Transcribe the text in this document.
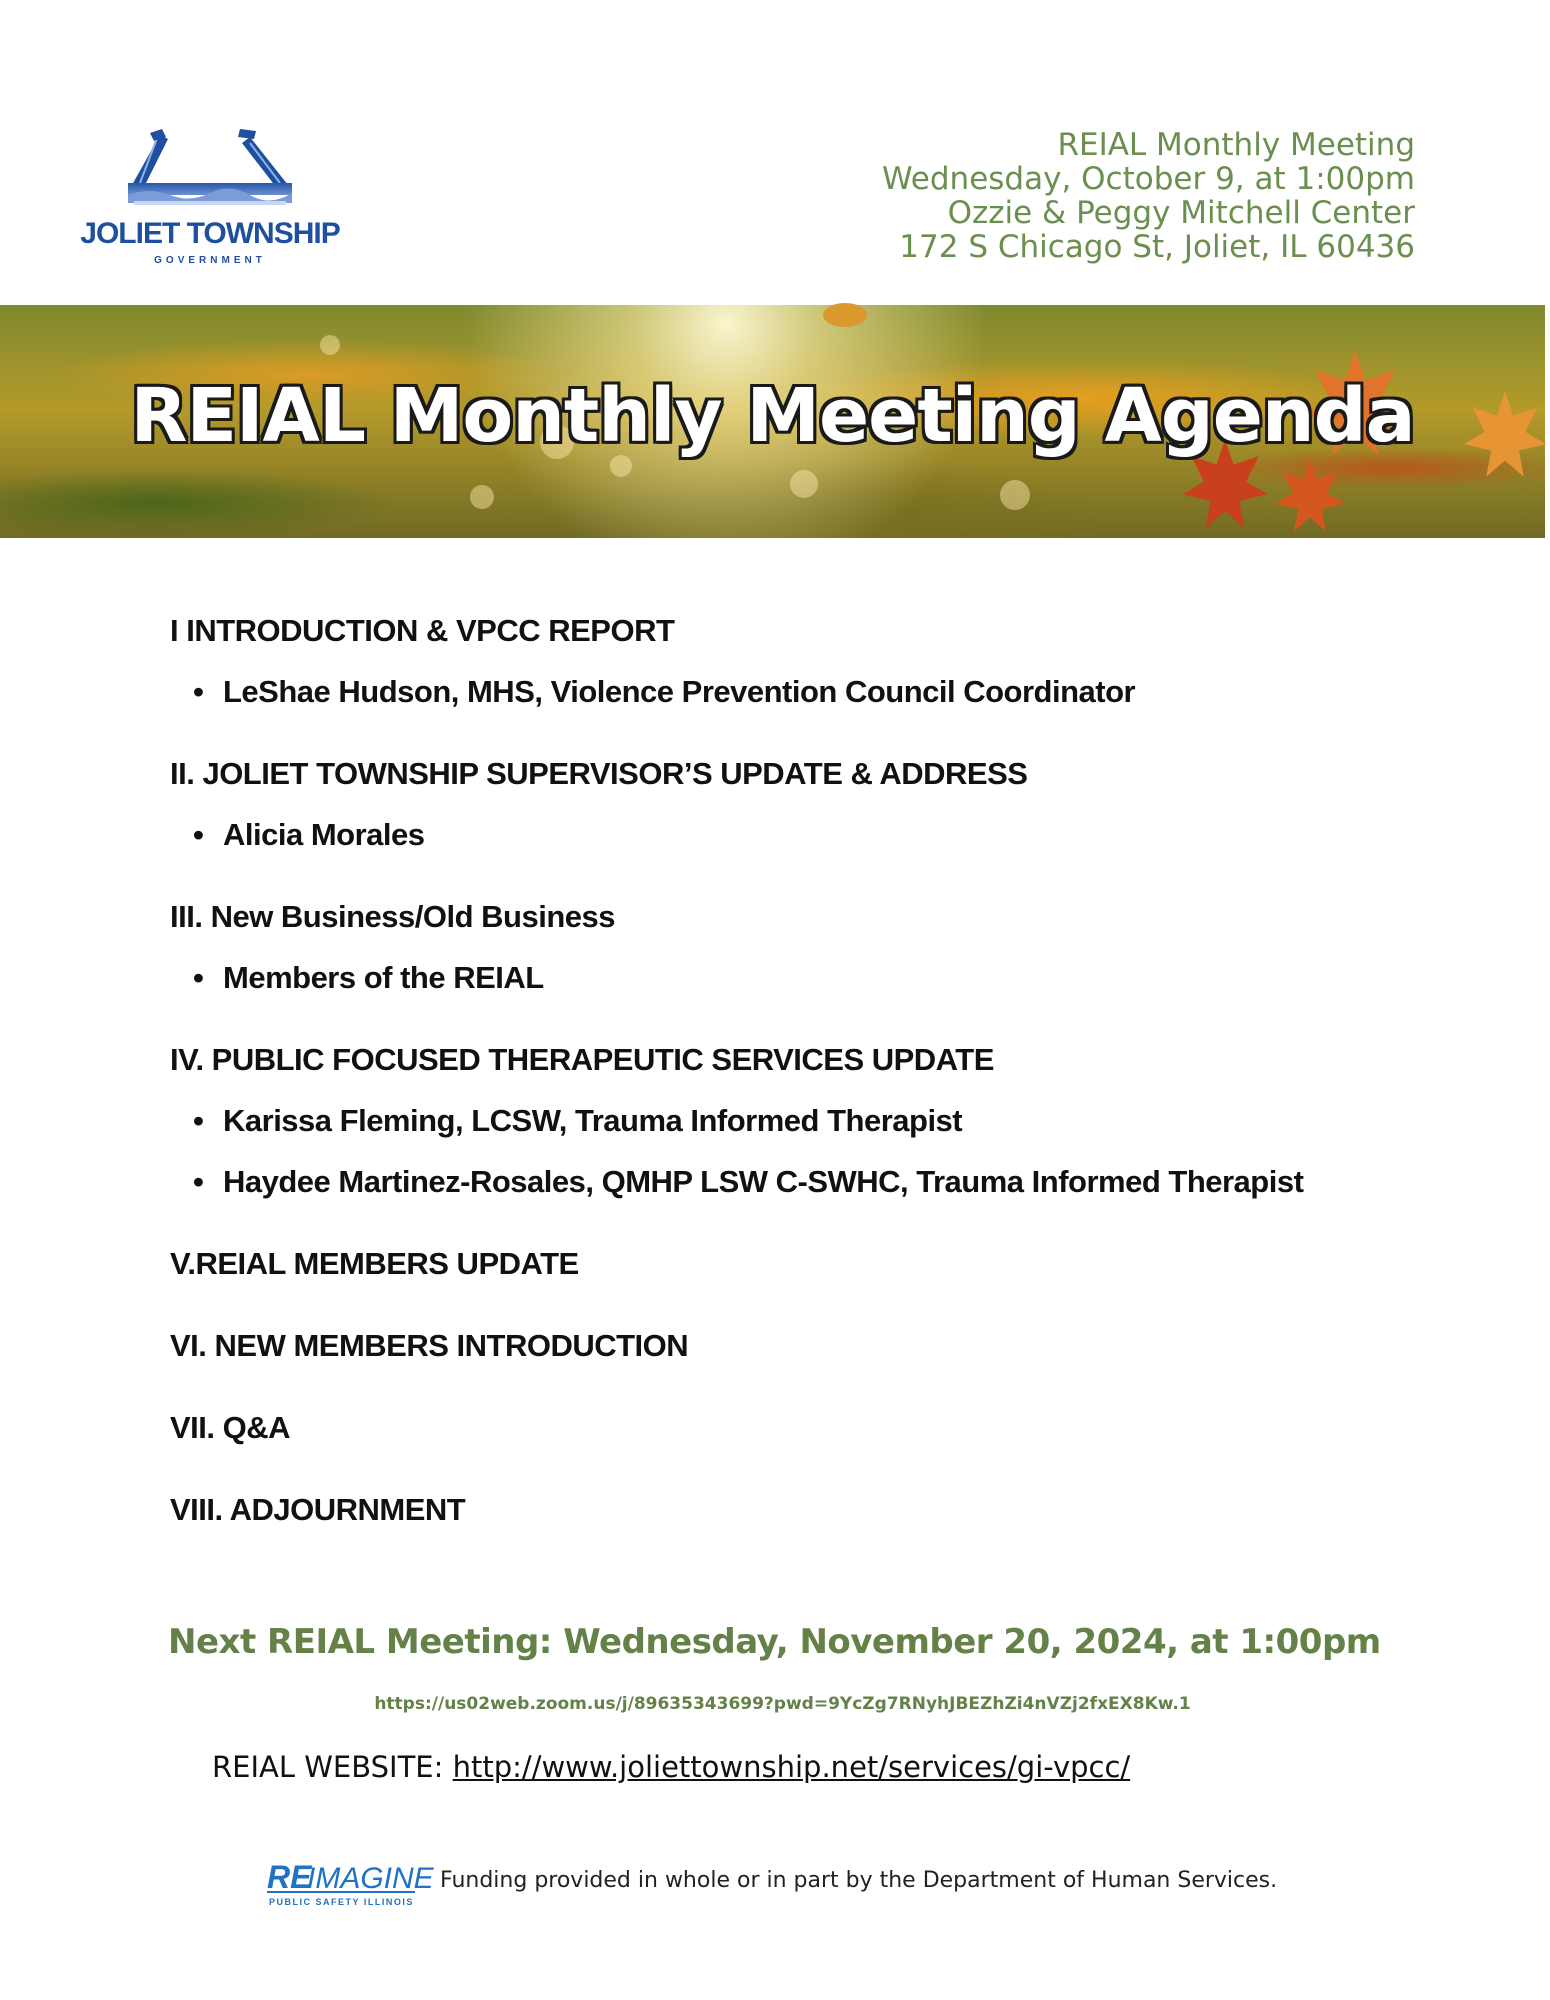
JOLIET TOWNSHIP
GOVERNMENT
REIAL Monthly Meeting
Wednesday, October 9, at 1:00pm
Ozzie & Peggy Mitchell Center
172 S Chicago St, Joliet, IL 60436
REIAL Monthly Meeting Agenda
I INTRODUCTION & VPCC REPORT
• LeShae Hudson, MHS, Violence Prevention Council Coordinator
II. JOLIET TOWNSHIP SUPERVISOR’S UPDATE & ADDRESS
• Alicia Morales
III. New Business/Old Business
• Members of the REIAL
IV. PUBLIC FOCUSED THERAPEUTIC SERVICES UPDATE
• Karissa Fleming, LCSW, Trauma Informed Therapist
• Haydee Martinez-Rosales, QMHP LSW C-SWHC, Trauma Informed Therapist
V.REIAL MEMBERS UPDATE
VI. NEW MEMBERS INTRODUCTION
VII. Q&A
VIII. ADJOURNMENT
Next REIAL Meeting: Wednesday, November 20, 2024, at 1:00pm
https://us02web.zoom.us/j/89635343699?pwd=9YcZg7RNyhJBEZhZi4nVZj2fxEX8Kw.1
REIAL WEBSITE: http://www.joliettownship.net/services/gi-vpcc/
RE
IMAGINE
PUBLIC SAFETY ILLINOIS
Funding provided in whole or in part by the Department of Human Services.
